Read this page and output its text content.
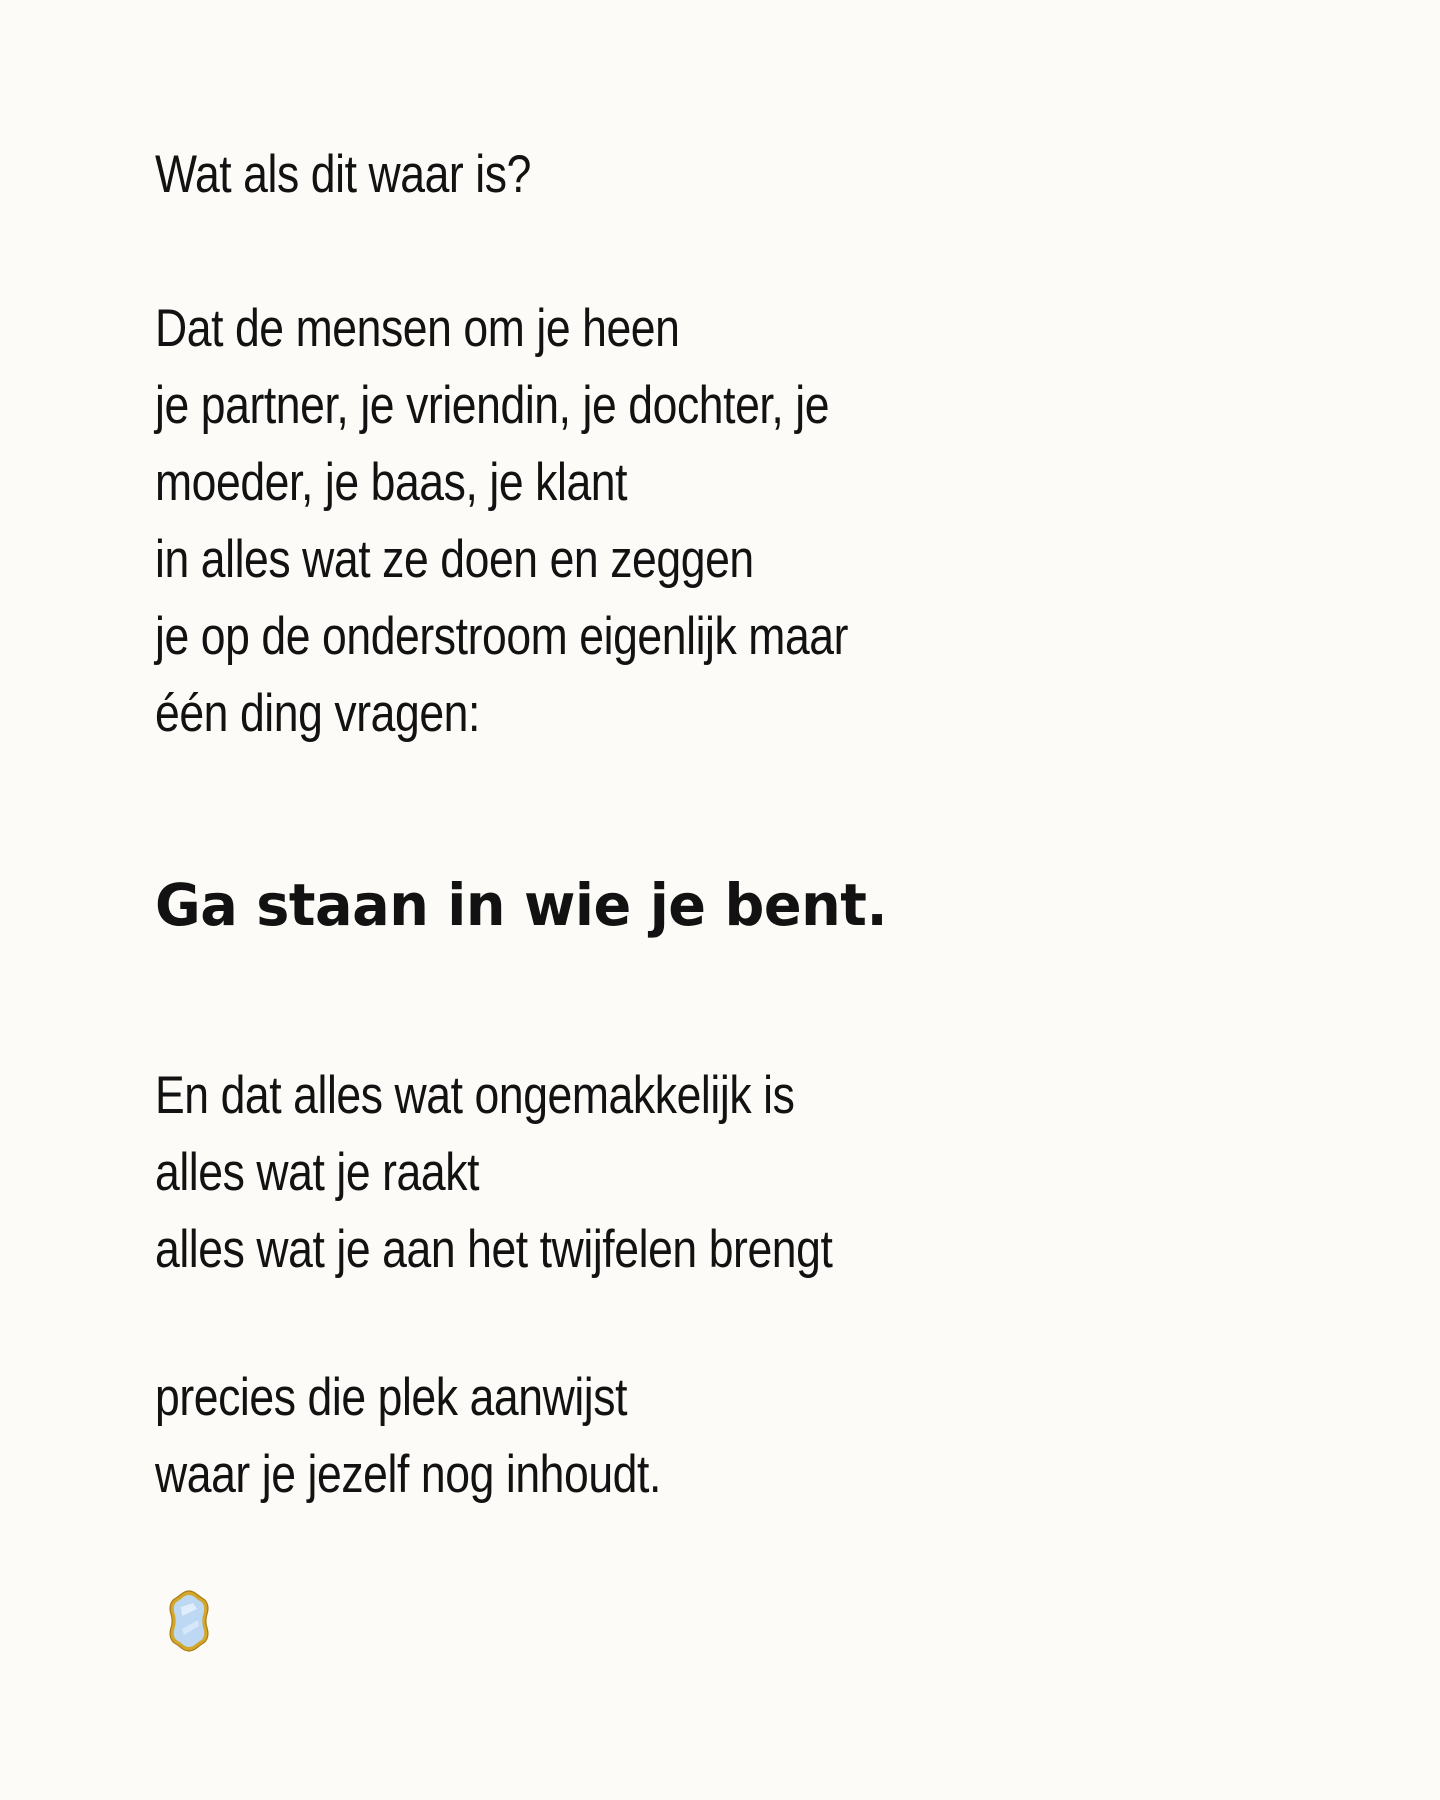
Wat als dit waar is?

Dat de mensen om je heen
je partner, je vriendin, je dochter, je
moeder, je baas, je klant
in alles wat ze doen en zeggen
je op de onderstroom eigenlijk maar
één ding vragen:

Ga staan in wie je bent.

En dat alles wat ongemakkelijk is
alles wat je raakt
alles wat je aan het twijfelen brengt

precies die plek aanwijst
waar je jezelf nog inhoudt.
